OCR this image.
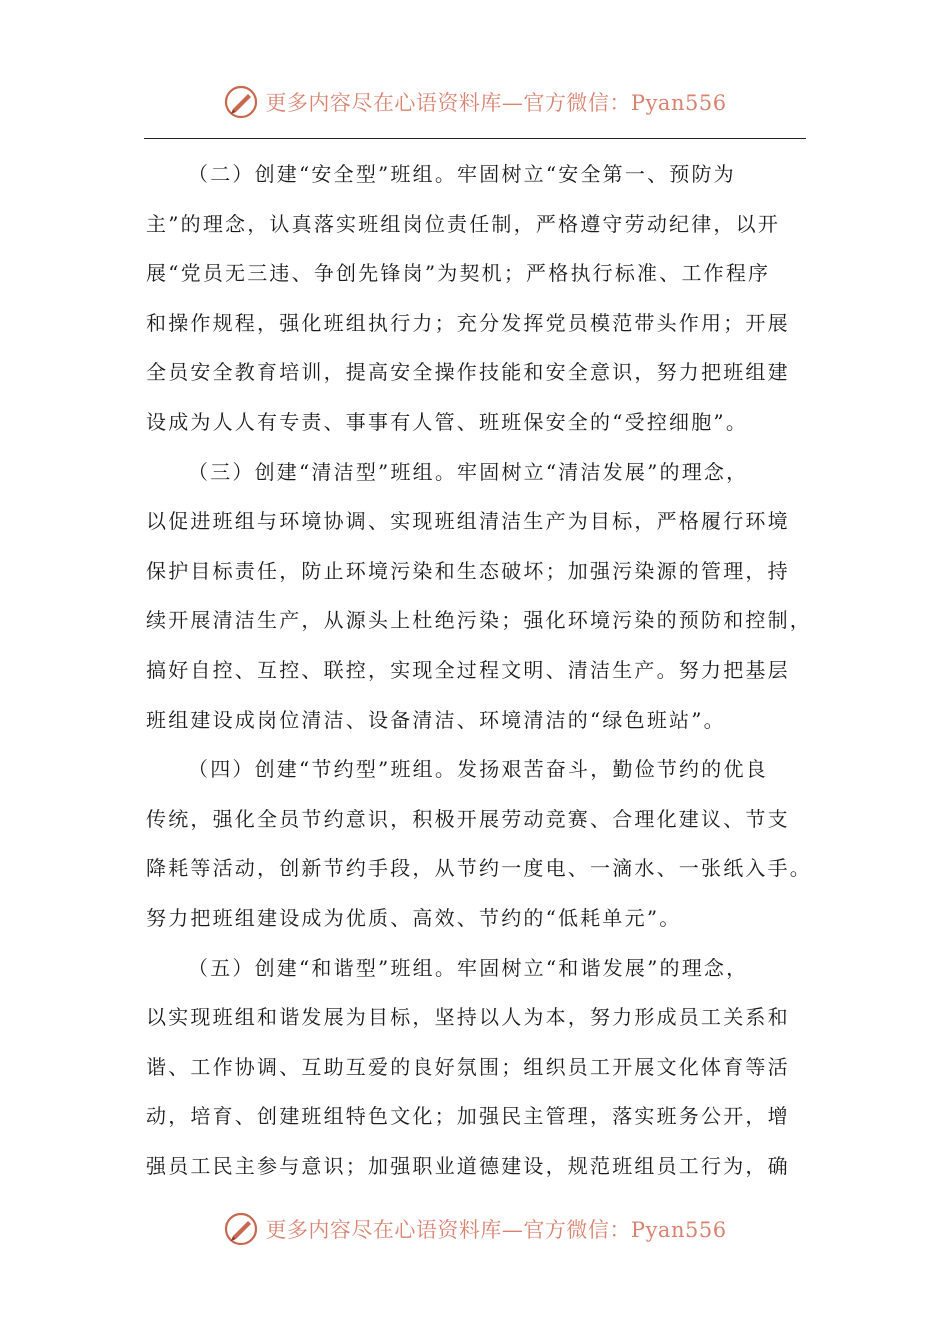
更多内容尽在心语资料库—官方微信：Pyan556
（二）创建“安全型”班组。牢固树立“安全第一、预防为
主”的理念，认真落实班组岗位责任制，严格遵守劳动纪律，以开
展“党员无三违、争创先锋岗”为契机；严格执行标准、工作程序
和操作规程，强化班组执行力；充分发挥党员模范带头作用；开展
全员安全教育培训，提高安全操作技能和安全意识，努力把班组建
设成为人人有专责、事事有人管、班班保安全的“受控细胞”。
（三）创建“清洁型”班组。牢固树立“清洁发展”的理念，
以促进班组与环境协调、实现班组清洁生产为目标，严格履行环境
保护目标责任，防止环境污染和生态破坏；加强污染源的管理，持
续开展清洁生产，从源头上杜绝污染；强化环境污染的预防和控制，
搞好自控、互控、联控，实现全过程文明、清洁生产。努力把基层
班组建设成岗位清洁、设备清洁、环境清洁的“绿色班站”。
（四）创建“节约型”班组。发扬艰苦奋斗，勤俭节约的优良
传统，强化全员节约意识，积极开展劳动竞赛、合理化建议、节支
降耗等活动，创新节约手段，从节约一度电、一滴水、一张纸入手。
努力把班组建设成为优质、高效、节约的“低耗单元”。
（五）创建“和谐型”班组。牢固树立“和谐发展”的理念，
以实现班组和谐发展为目标，坚持以人为本，努力形成员工关系和
谐、工作协调、互助互爱的良好氛围；组织员工开展文化体育等活
动，培育、创建班组特色文化；加强民主管理，落实班务公开，增
强员工民主参与意识；加强职业道德建设，规范班组员工行为，确
更多内容尽在心语资料库—官方微信：Pyan556
